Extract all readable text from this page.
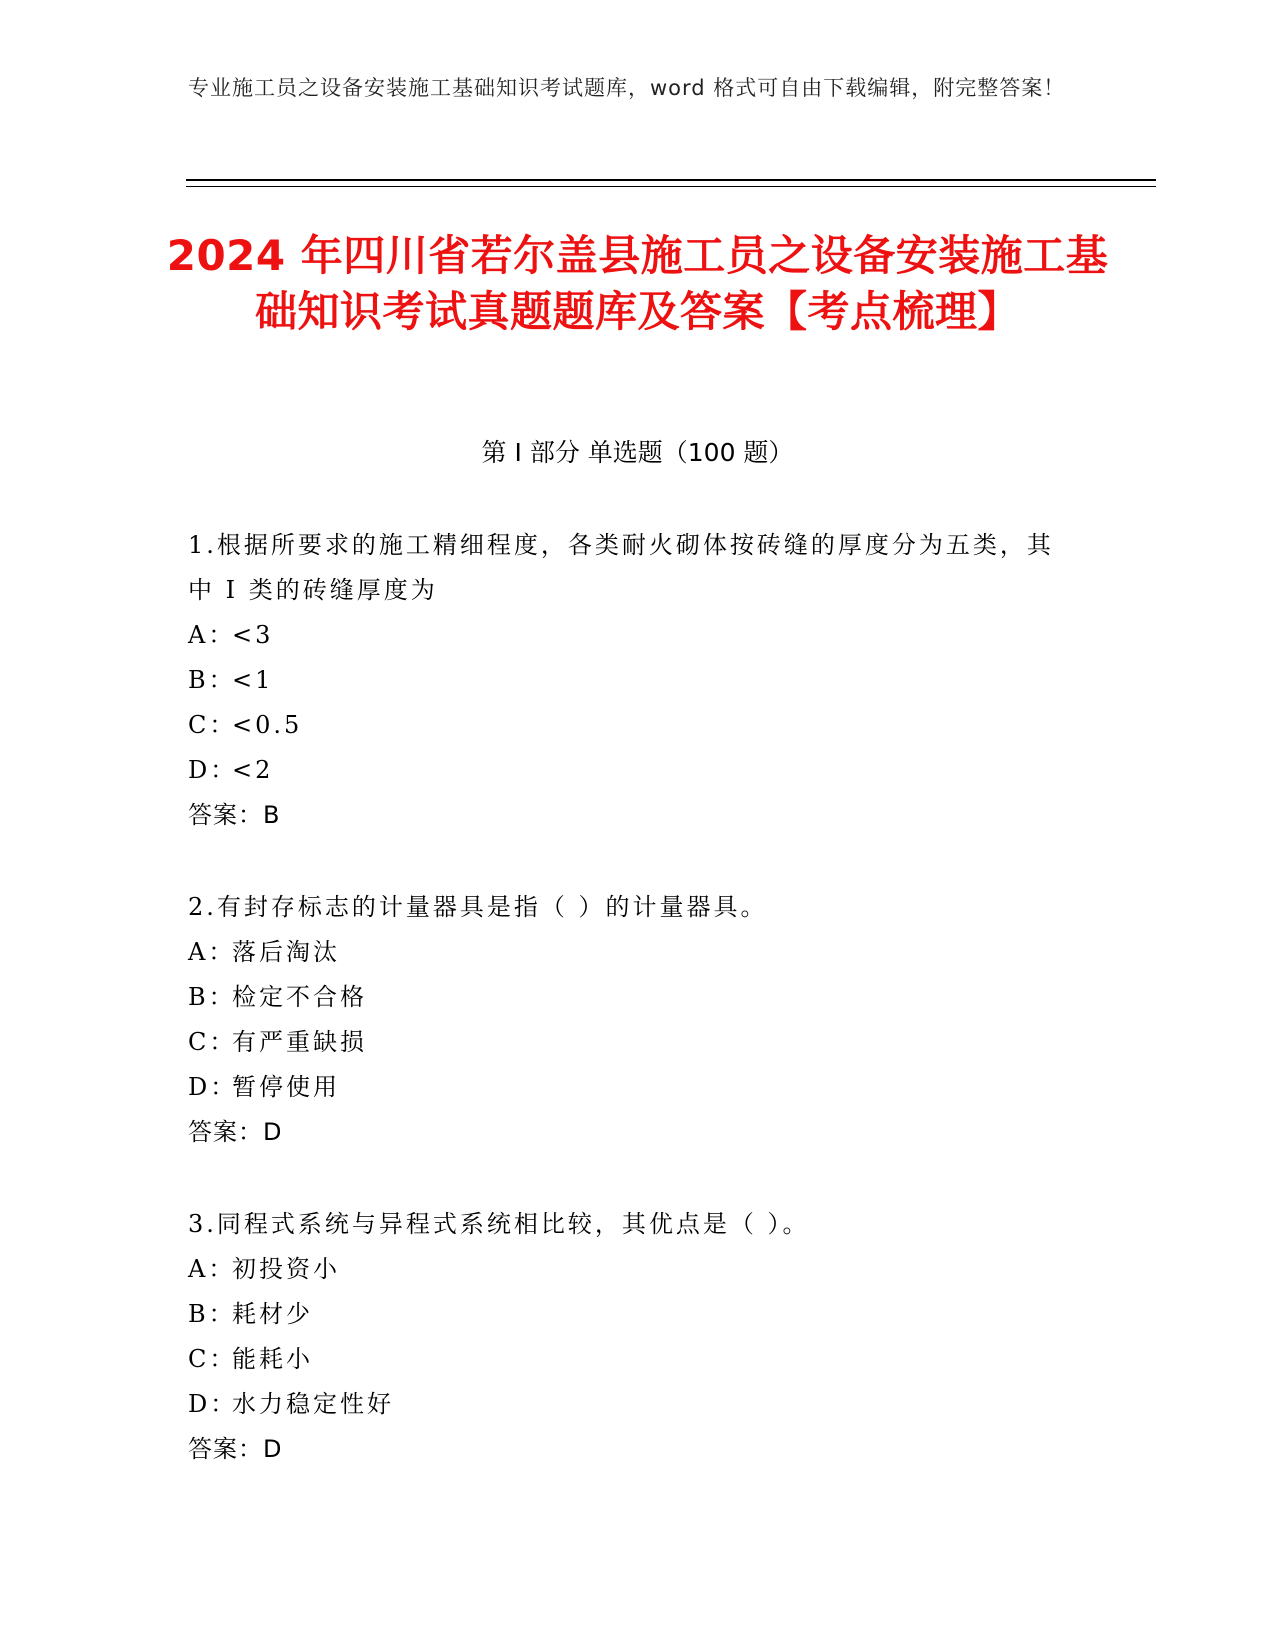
专业施工员之设备安装施工基础知识考试题库，word 格式可自由下载编辑，附完整答案！
2024 年四川省若尔盖县施工员之设备安装施工基础知识考试真题题库及答案【考点梳理】
第 I 部分 单选题（100 题）
1.根据所要求的施工精细程度，各类耐火砌体按砖缝的厚度分为五类，其中 I 类的砖缝厚度为
A：
<3
B：
<1
C：
<0.5
D：
<2
答案：B
2.有封存标志的计量器具是指（ ）的计量器具。
A：
落后淘汰
B：
检定不合格
C：
有严重缺损
D：
暂停使用
答案：D
3.同程式系统与异程式系统相比较，其优点是（ ）。
A：
初投资小
B：
耗材少
C：
能耗小
D：
水力稳定性好
答案：D
